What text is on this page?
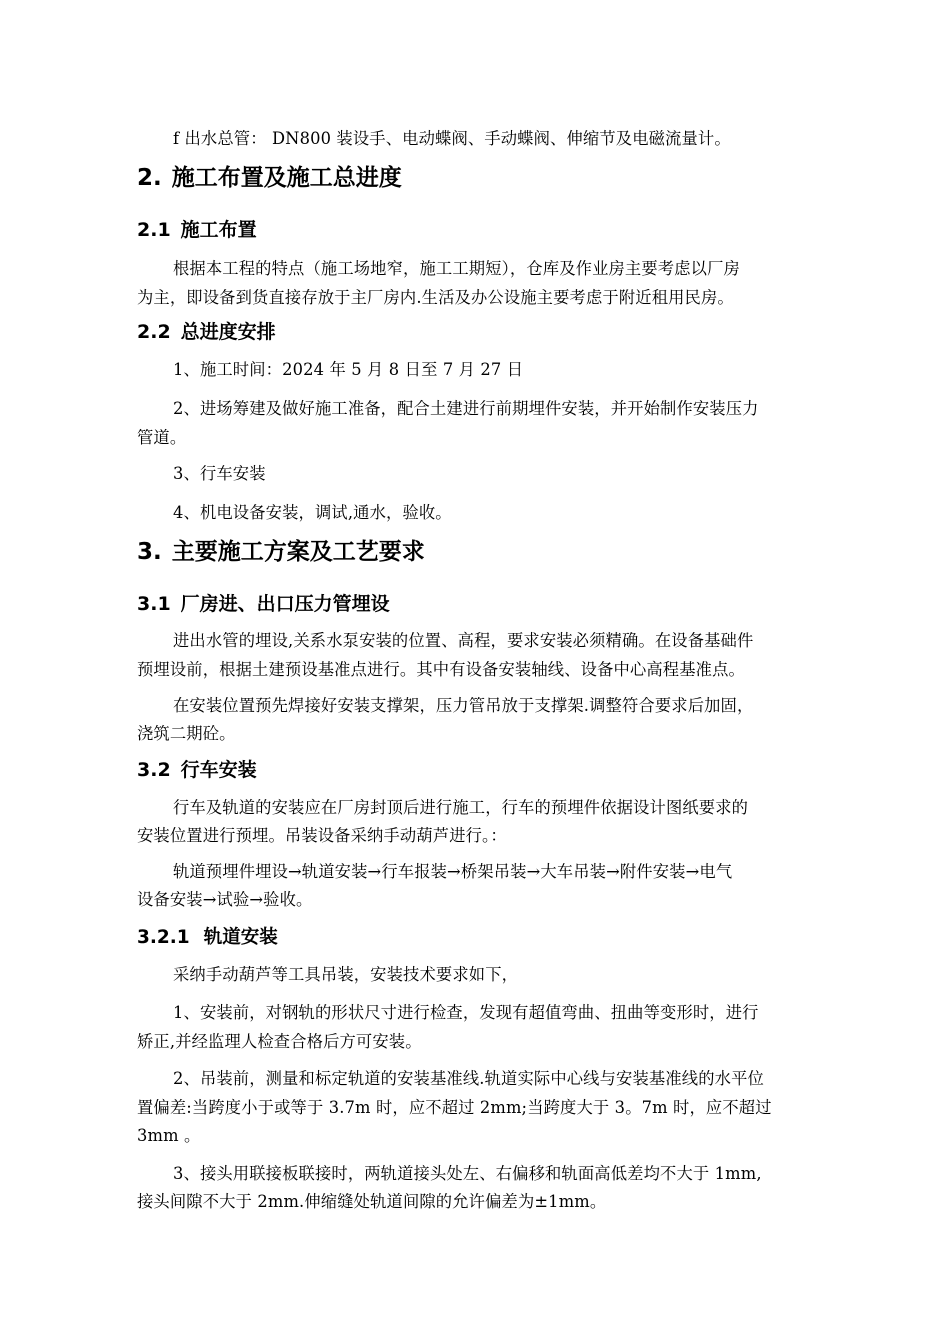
f 出水总管： DN800 装设手、电动蝶阀、手动蝶阀、伸缩节及电磁流量计。

2. 施工布置及施工总进度
2.1 施工布置

根据本工程的特点（施工场地窄，施工工期短），仓库及作业房主要考虑以厂房

为主，即设备到货直接存放于主厂房内.生活及办公设施主要考虑于附近租用民房。

2.2 总进度安排

1、施工时间：2024 年 5 月 8 日至 7 月 27 日

2、进场筹建及做好施工准备，配合土建进行前期埋件安装，并开始制作安装压力

管道。

3、行车安装

4、机电设备安装，调试,通水，验收。

3. 主要施工方案及工艺要求
3.1 厂房进、出口压力管埋设

进出水管的埋设,关系水泵安装的位置、高程，要求安装必须精确。在设备基础件

预埋设前，根据土建预设基准点进行。其中有设备安装轴线、设备中心高程基准点。

在安装位置预先焊接好安装支撑架，压力管吊放于支撑架.调整符合要求后加固，

浇筑二期砼。

3.2 行车安装

行车及轨道的安装应在厂房封顶后进行施工，行车的预埋件依据设计图纸要求的

安装位置进行预埋。吊装设备采纳手动葫芦进行。：

轨道预埋件埋设→轨道安装→行车报装→桥架吊装→大车吊装→附件安装→电气

设备安装→试验→验收。

3.2.1 轨道安装

采纳手动葫芦等工具吊装，安装技术要求如下，

1、安装前，对钢轨的形状尺寸进行检查，发现有超值弯曲、扭曲等变形时，进行

矫正,并经监理人检查合格后方可安装。

2、吊装前，测量和标定轨道的安装基准线.轨道实际中心线与安装基准线的水平位

置偏差:当跨度小于或等于 3.7m 时，应不超过 2mm;当跨度大于 3。7m 时，应不超过

3mm 。

3、接头用联接板联接时，两轨道接头处左、右偏移和轨面高低差均不大于 1mm,

接头间隙不大于 2mm.伸缩缝处轨道间隙的允许偏差为±1mm。
